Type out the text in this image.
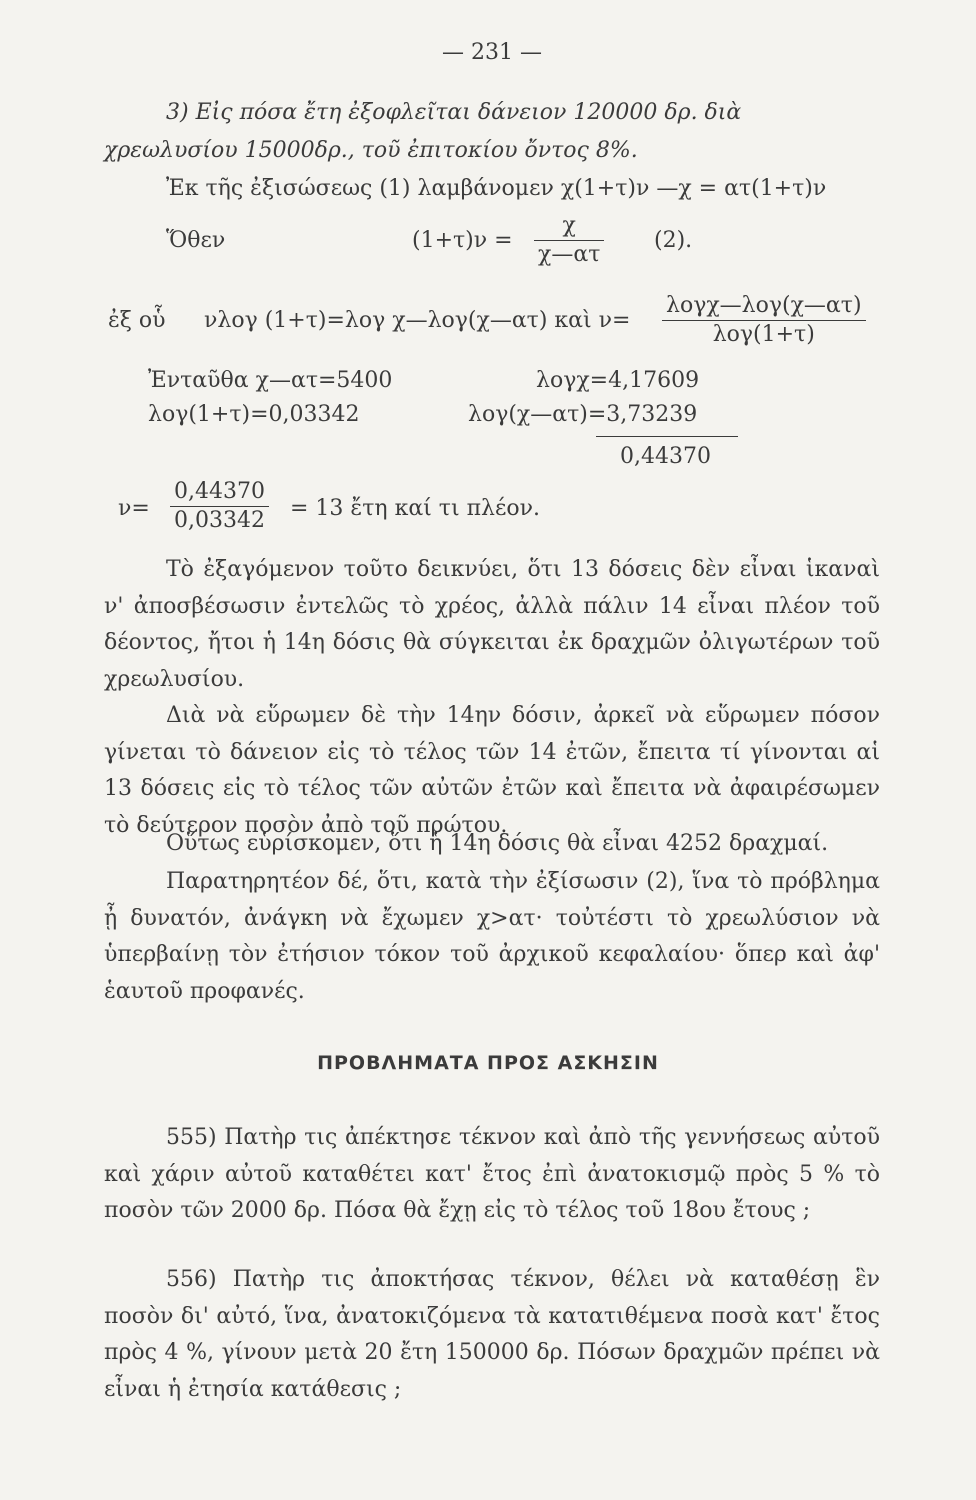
— 231 —
3) Εἰς πόσα ἔτη ἐξοφλεῖται δάνειον 120000 δρ. διὰ
χρεωλυσίου 15000δρ., τοῦ ἐπιτοκίου ὄντος 8%.
Ἐκ τῆς ἐξισώσεως (1) λαμβάνομεν χ(1+τ)ν —χ = ατ(1+τ)ν
Ὅθεν	$(1+\tau)\nu = \frac{\chi}{\chi—\alpha\tau} (2)$.
ἐξ οὗ νλογ (1+τ)=λογ χ—λογ(χ—ατ) καὶ ν=
λογχ—λογ(χ—ατ)
λογ(1+τ)
Ἐνταῦθα χ—ατ=5400	λογχ=4,17609
λογ(1+τ)=0,03342	λογ(χ—ατ)=3,73239
0,44370
$\nu= \frac{0,44370}{0,03342} = 13$ ἔτη καί τι πλέον.
Τὸ ἐξαγόμενον τοῦτο δεικνύει, ὅτι 13 δόσεις δὲν εἶναι ἱκαναὶ ν' ἀποσβέσωσιν ἐντελῶς τὸ χρέος, ἀλλὰ πάλιν 14 εἶναι πλέον τοῦ δέοντος, ἤτοι ἡ 14η δόσις θὰ σύγκειται ἐκ δραχμῶν ὀλιγωτέρων τοῦ χρεωλυσίου.
Διὰ νὰ εὕρωμεν δὲ τὴν 14ην δόσιν, ἀρκεῖ νὰ εὕρωμεν πόσον γίνεται τὸ δάνειον εἰς τὸ τέλος τῶν 14 ἐτῶν, ἔπειτα τί γίνονται αἱ 13 δόσεις εἰς τὸ τέλος τῶν αὐτῶν ἐτῶν καὶ ἔπειτα νὰ ἀφαιρέσωμεν τὸ δεύτερον ποσὸν ἀπὸ τοῦ πρώτου.
Οὕτως εὑρίσκομεν, ὅτι ἡ 14η δόσις θὰ εἶναι 4252 δραχμαί.
Παρατηρητέον δέ, ὅτι, κατὰ τὴν ἐξίσωσιν (2), ἵνα τὸ πρόβλημα ᾖ δυνατόν, ἀνάγκη νὰ ἔχωμεν χ>ατ· τοὐτέστι τὸ χρεωλύσιον νὰ ὑπερβαίνῃ τὸν ἐτήσιον τόκον τοῦ ἀρχικοῦ κεφαλαίου· ὅπερ καὶ ἀφ' ἑαυτοῦ προφανές.
ΠΡΟΒΛΗΜΑΤΑ ΠΡΟΣ ΑΣΚΗΣΙΝ
555) Πατὴρ τις ἀπέκτησε τέκνον καὶ ἀπὸ τῆς γεννήσεως αὐτοῦ καὶ χάριν αὐτοῦ καταθέτει κατ' ἔτος ἐπὶ ἀνατοκισμῷ πρὸς 5 % τὸ ποσὸν τῶν 2000 δρ. Πόσα θὰ ἔχῃ εἰς τὸ τέλος τοῦ 18ου ἔτους ;
556) Πατὴρ τις ἀποκτήσας τέκνον, θέλει νὰ καταθέσῃ ἓν ποσὸν δι' αὐτό, ἵνα, ἀνατοκιζόμενα τὰ κατατιθέμενα ποσὰ κατ' ἔτος πρὸς 4 %, γίνουν μετὰ 20 ἔτη 150000 δρ. Πόσων δραχμῶν πρέπει νὰ εἶναι ἡ ἐτησία κατάθεσις ;
